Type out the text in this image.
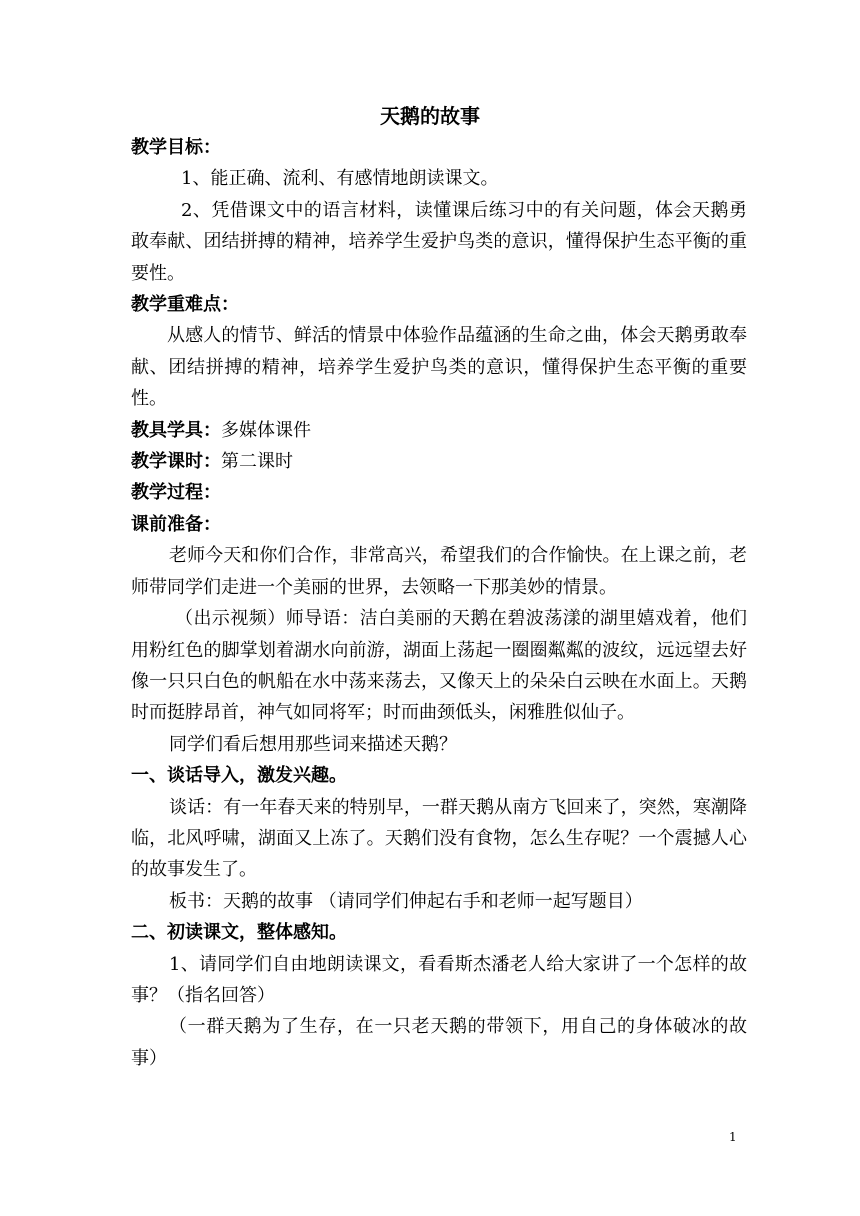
天鹅的故事

教学目标：

1、能正确、流利、有感情地朗读课文。

2、凭借课文中的语言材料，读懂课后练习中的有关问题，体会天鹅勇敢奉献、团结拼搏的精神，培养学生爱护鸟类的意识，懂得保护生态平衡的重要性。

教学重难点：

从感人的情节、鲜活的情景中体验作品蕴涵的生命之曲，体会天鹅勇敢奉献、团结拼搏的精神，培养学生爱护鸟类的意识，懂得保护生态平衡的重要性。

教具学具：多媒体课件

教学课时：第二课时

教学过程：

课前准备：

老师今天和你们合作，非常高兴，希望我们的合作愉快。在上课之前，老师带同学们走进一个美丽的世界，去领略一下那美妙的情景。

（出示视频）师导语：洁白美丽的天鹅在碧波荡漾的湖里嬉戏着，他们用粉红色的脚掌划着湖水向前游，湖面上荡起一圈圈粼粼的波纹，远远望去好像一只只白色的帆船在水中荡来荡去，又像天上的朵朵白云映在水面上。天鹅时而挺脖昂首，神气如同将军；时而曲颈低头，闲雅胜似仙子。

同学们看后想用那些词来描述天鹅？

一、谈话导入，激发兴趣。

谈话：有一年春天来的特别早，一群天鹅从南方飞回来了，突然，寒潮降临，北风呼啸，湖面又上冻了。天鹅们没有食物，怎么生存呢？一个震撼人心的故事发生了。

板书：天鹅的故事 （请同学们伸起右手和老师一起写题目）

二、初读课文，整体感知。

1、请同学们自由地朗读课文，看看斯杰潘老人给大家讲了一个怎样的故事？（指名回答）

（一群天鹅为了生存，在一只老天鹅的带领下，用自己的身体破冰的故事）

1
